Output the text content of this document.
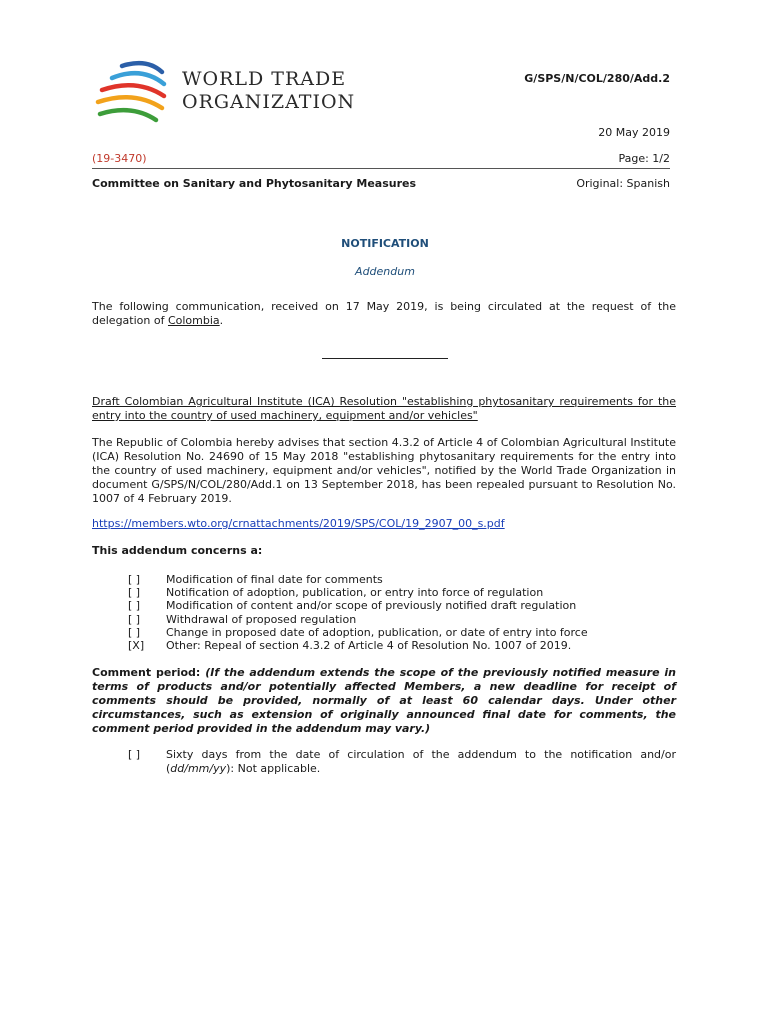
WORLD TRADE
ORGANIZATION
G/SPS/N/COL/280/Add.2
20 May 2019
(19-3470)	Page: 1/2
Committee on Sanitary and Phytosanitary Measures	Original: Spanish
NOTIFICATION
Addendum
The following communication, received on 17 May 2019, is being circulated at the request of the delegation of Colombia.
Draft Colombian Agricultural Institute (ICA) Resolution "establishing phytosanitary requirements for the entry into the country of used machinery, equipment and/or vehicles"
The Republic of Colombia hereby advises that section 4.3.2 of Article 4 of Colombian Agricultural Institute (ICA) Resolution No. 24690 of 15 May 2018 "establishing phytosanitary requirements for the entry into the country of used machinery, equipment and/or vehicles", notified by the World Trade Organization in document G/SPS/N/COL/280/Add.1 on 13 September 2018, has been repealed pursuant to Resolution No. 1007 of 4 February 2019.
https://members.wto.org/crnattachments/2019/SPS/COL/19_2907_00_s.pdf
This addendum concerns a:
[ ]	Modification of final date for comments
[ ]	Notification of adoption, publication, or entry into force of regulation
[ ]	Modification of content and/or scope of previously notified draft regulation
[ ]	Withdrawal of proposed regulation
[ ]	Change in proposed date of adoption, publication, or date of entry into force
[X]	Other: Repeal of section 4.3.2 of Article 4 of Resolution No. 1007 of 2019.
Comment period: (If the addendum extends the scope of the previously notified measure in terms of products and/or potentially affected Members, a new deadline for receipt of comments should be provided, normally of at least 60 calendar days. Under other circumstances, such as extension of originally announced final date for comments, the comment period provided in the addendum may vary.)
[ ]	Sixty days from the date of circulation of the addendum to the notification and/or (dd/mm/yy): Not applicable.
